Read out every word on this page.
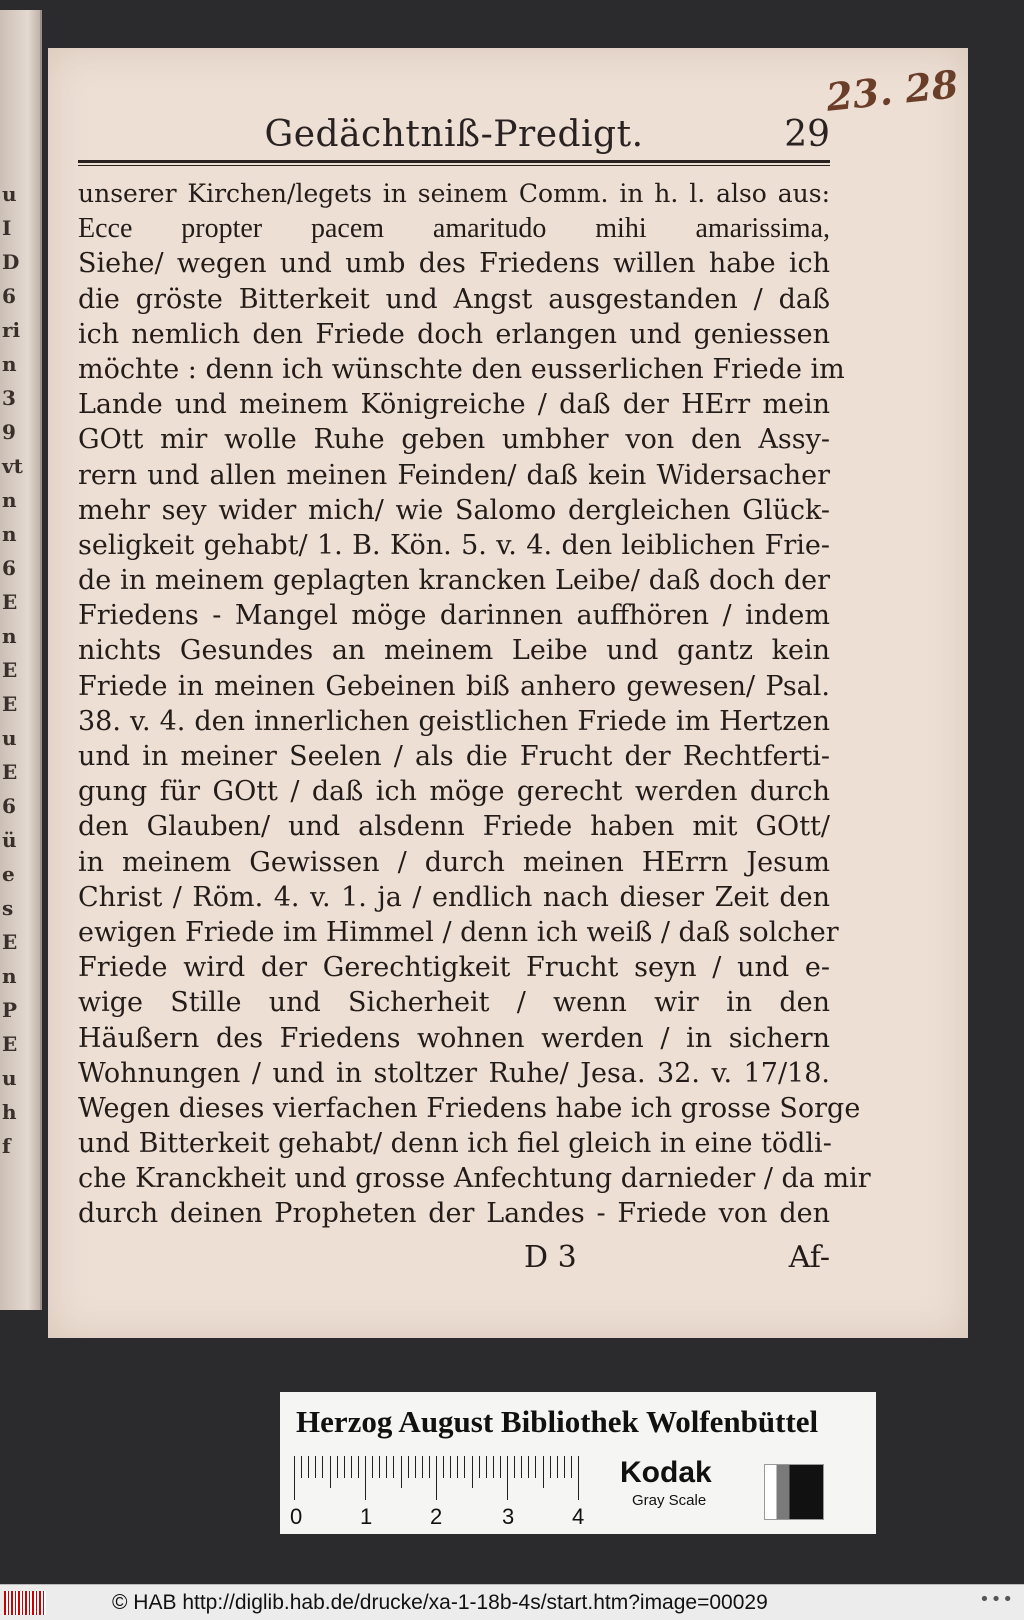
u
I
D
6
ri
n
3
9
vt
n
n
6
E
n
E
E
u
E
6
ü
e
s
E
n
P
E
u
h
f
Gedächtniß-Predigt.	29
23. 28
unserer Kirchen/legets in seinem Comm. in h. l. also aus:
Ecce propter pacem amaritudo mihi amarissima,
Siehe/ wegen und umb des Friedens willen habe ich
die gröste Bitterkeit und Angst ausgestanden / daß
ich nemlich den Friede doch erlangen und geniessen
möchte : denn ich wünschte den eusserlichen Friede im
Lande und meinem Königreiche / daß der HErr mein
GOtt mir wolle Ruhe geben umbher von den Assy-
rern und allen meinen Feinden/ daß kein Widersacher
mehr sey wider mich/ wie Salomo dergleichen Glück-
seligkeit gehabt/ 1. B. Kön. 5. v. 4. den leiblichen Frie-
de in meinem geplagten krancken Leibe/ daß doch der
Friedens - Mangel möge darinnen auffhören / indem
nichts Gesundes an meinem Leibe und gantz kein
Friede in meinen Gebeinen biß anhero gewesen/ Psal.
38. v. 4. den innerlichen geistlichen Friede im Hertzen
und in meiner Seelen / als die Frucht der Rechtferti-
gung für GOtt / daß ich möge gerecht werden durch
den Glauben/ und alsdenn Friede haben mit GOtt/
in meinem Gewissen / durch meinen HErrn Jesum
Christ / Röm. 4. v. 1. ja / endlich nach dieser Zeit den
ewigen Friede im Himmel / denn ich weiß / daß solcher
Friede wird der Gerechtigkeit Frucht seyn / und e-
wige Stille und Sicherheit / wenn wir in den
Häußern des Friedens wohnen werden / in sichern
Wohnungen / und in stoltzer Ruhe/ Jesa. 32. v. 17/18.
Wegen dieses vierfachen Friedens habe ich grosse Sorge
und Bitterkeit gehabt/ denn ich fiel gleich in eine tödli-
che Kranckheit und grosse Anfechtung darnieder / da mir
durch deinen Propheten der Landes - Friede von den
D 3	Af-
Herzog August Bibliothek Wolfenbüttel
0	1	2	3	4
Kodak
Gray Scale
© HAB http://diglib.hab.de/drucke/xa-1-18b-4s/start.htm?image=00029	•••
